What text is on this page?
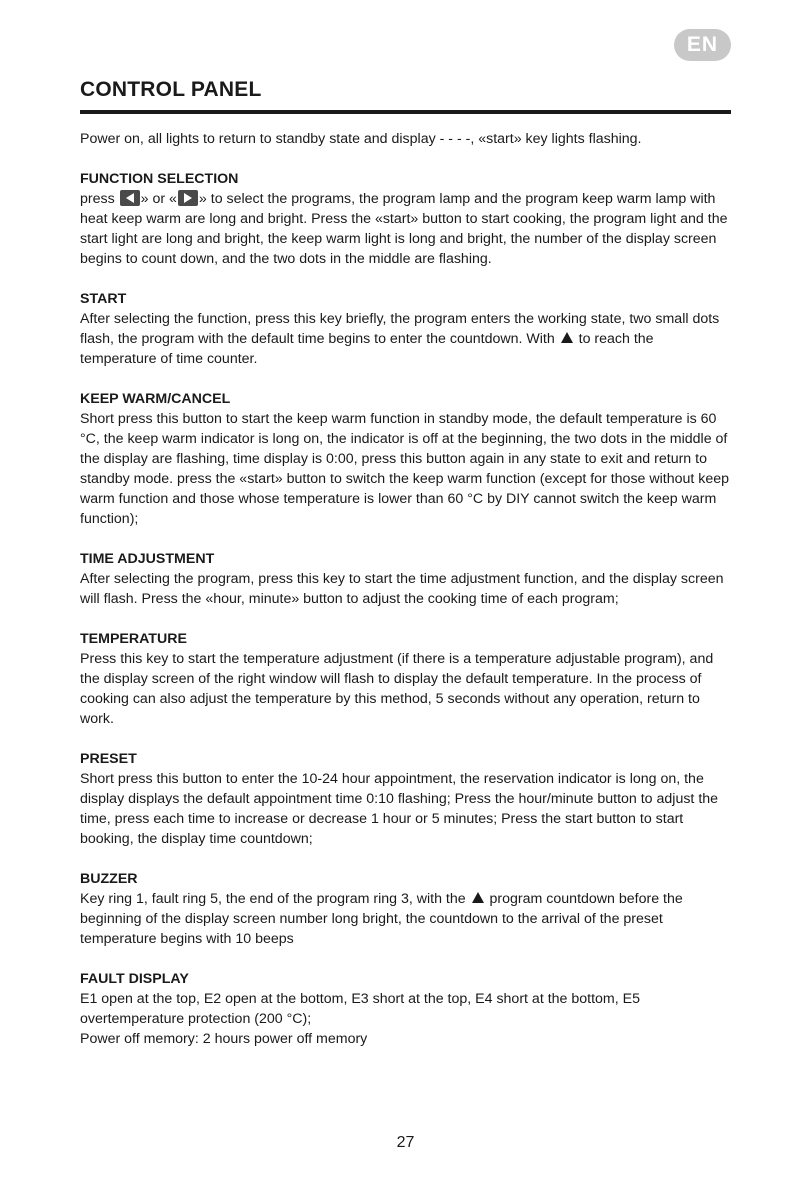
EN
CONTROL PANEL

Power on, all lights to return to standby state and display - - - -, «start» key lights flashing.

FUNCTION SELECTION

press
» or « » to select the programs, the program lamp and the program keep warm lamp with heat keep warm are long and bright. Press the «start» button to start cooking, the program light and the start light are long and bright, the keep warm light is long and bright, the number of the display screen begins to count down, and the two dots in the middle are flashing.

START

After selecting the function, press this key briefly, the program enters the working state, two small dots flash, the program with the default time begins to enter the countdown. With  to reach the temperature of time counter.

KEEP WARM/CANCEL

Short press this button to start the keep warm function in standby mode, the default temperature is 60 °C, the keep warm indicator is long on, the indicator is off at the beginning, the two dots in the middle of the display are flashing, time display is 0:00, press this button again in any state to exit and return to standby mode. press the «start» button to switch the keep warm function (except for those without keep warm function and those whose temperature is lower than 60 °C by DIY cannot switch the keep warm function);

TIME ADJUSTMENT

After selecting the program, press this key to start the time adjustment function, and the display screen will flash. Press the «hour, minute» button to adjust the cooking time of each program;

TEMPERATURE

Press this key to start the temperature adjustment (if there is a temperature adjustable program), and the display screen of the right window will flash to display the default temperature. In the process of cooking can also adjust the temperature by this method, 5 seconds without any operation, return to work.

PRESET

Short press this button to enter the 10-24 hour appointment, the reservation indicator is long on, the display displays the default appointment time 0:10 flashing; Press the hour/minute button to adjust the time, press each time to increase or decrease 1 hour or 5 minutes; Press the start button to start booking, the display time countdown;

BUZZER

Key ring 1, fault ring 5, the end of the program ring 3, with the  program countdown before the beginning of the display screen number long bright, the countdown to the arrival of the preset temperature begins with 10 beeps

FAULT DISPLAY

E1 open at the top, E2 open at the bottom, E3 short at the top, E4 short at the bottom, E5 overtemperature protection (200 °C);

Power off memory: 2 hours power off memory

27
